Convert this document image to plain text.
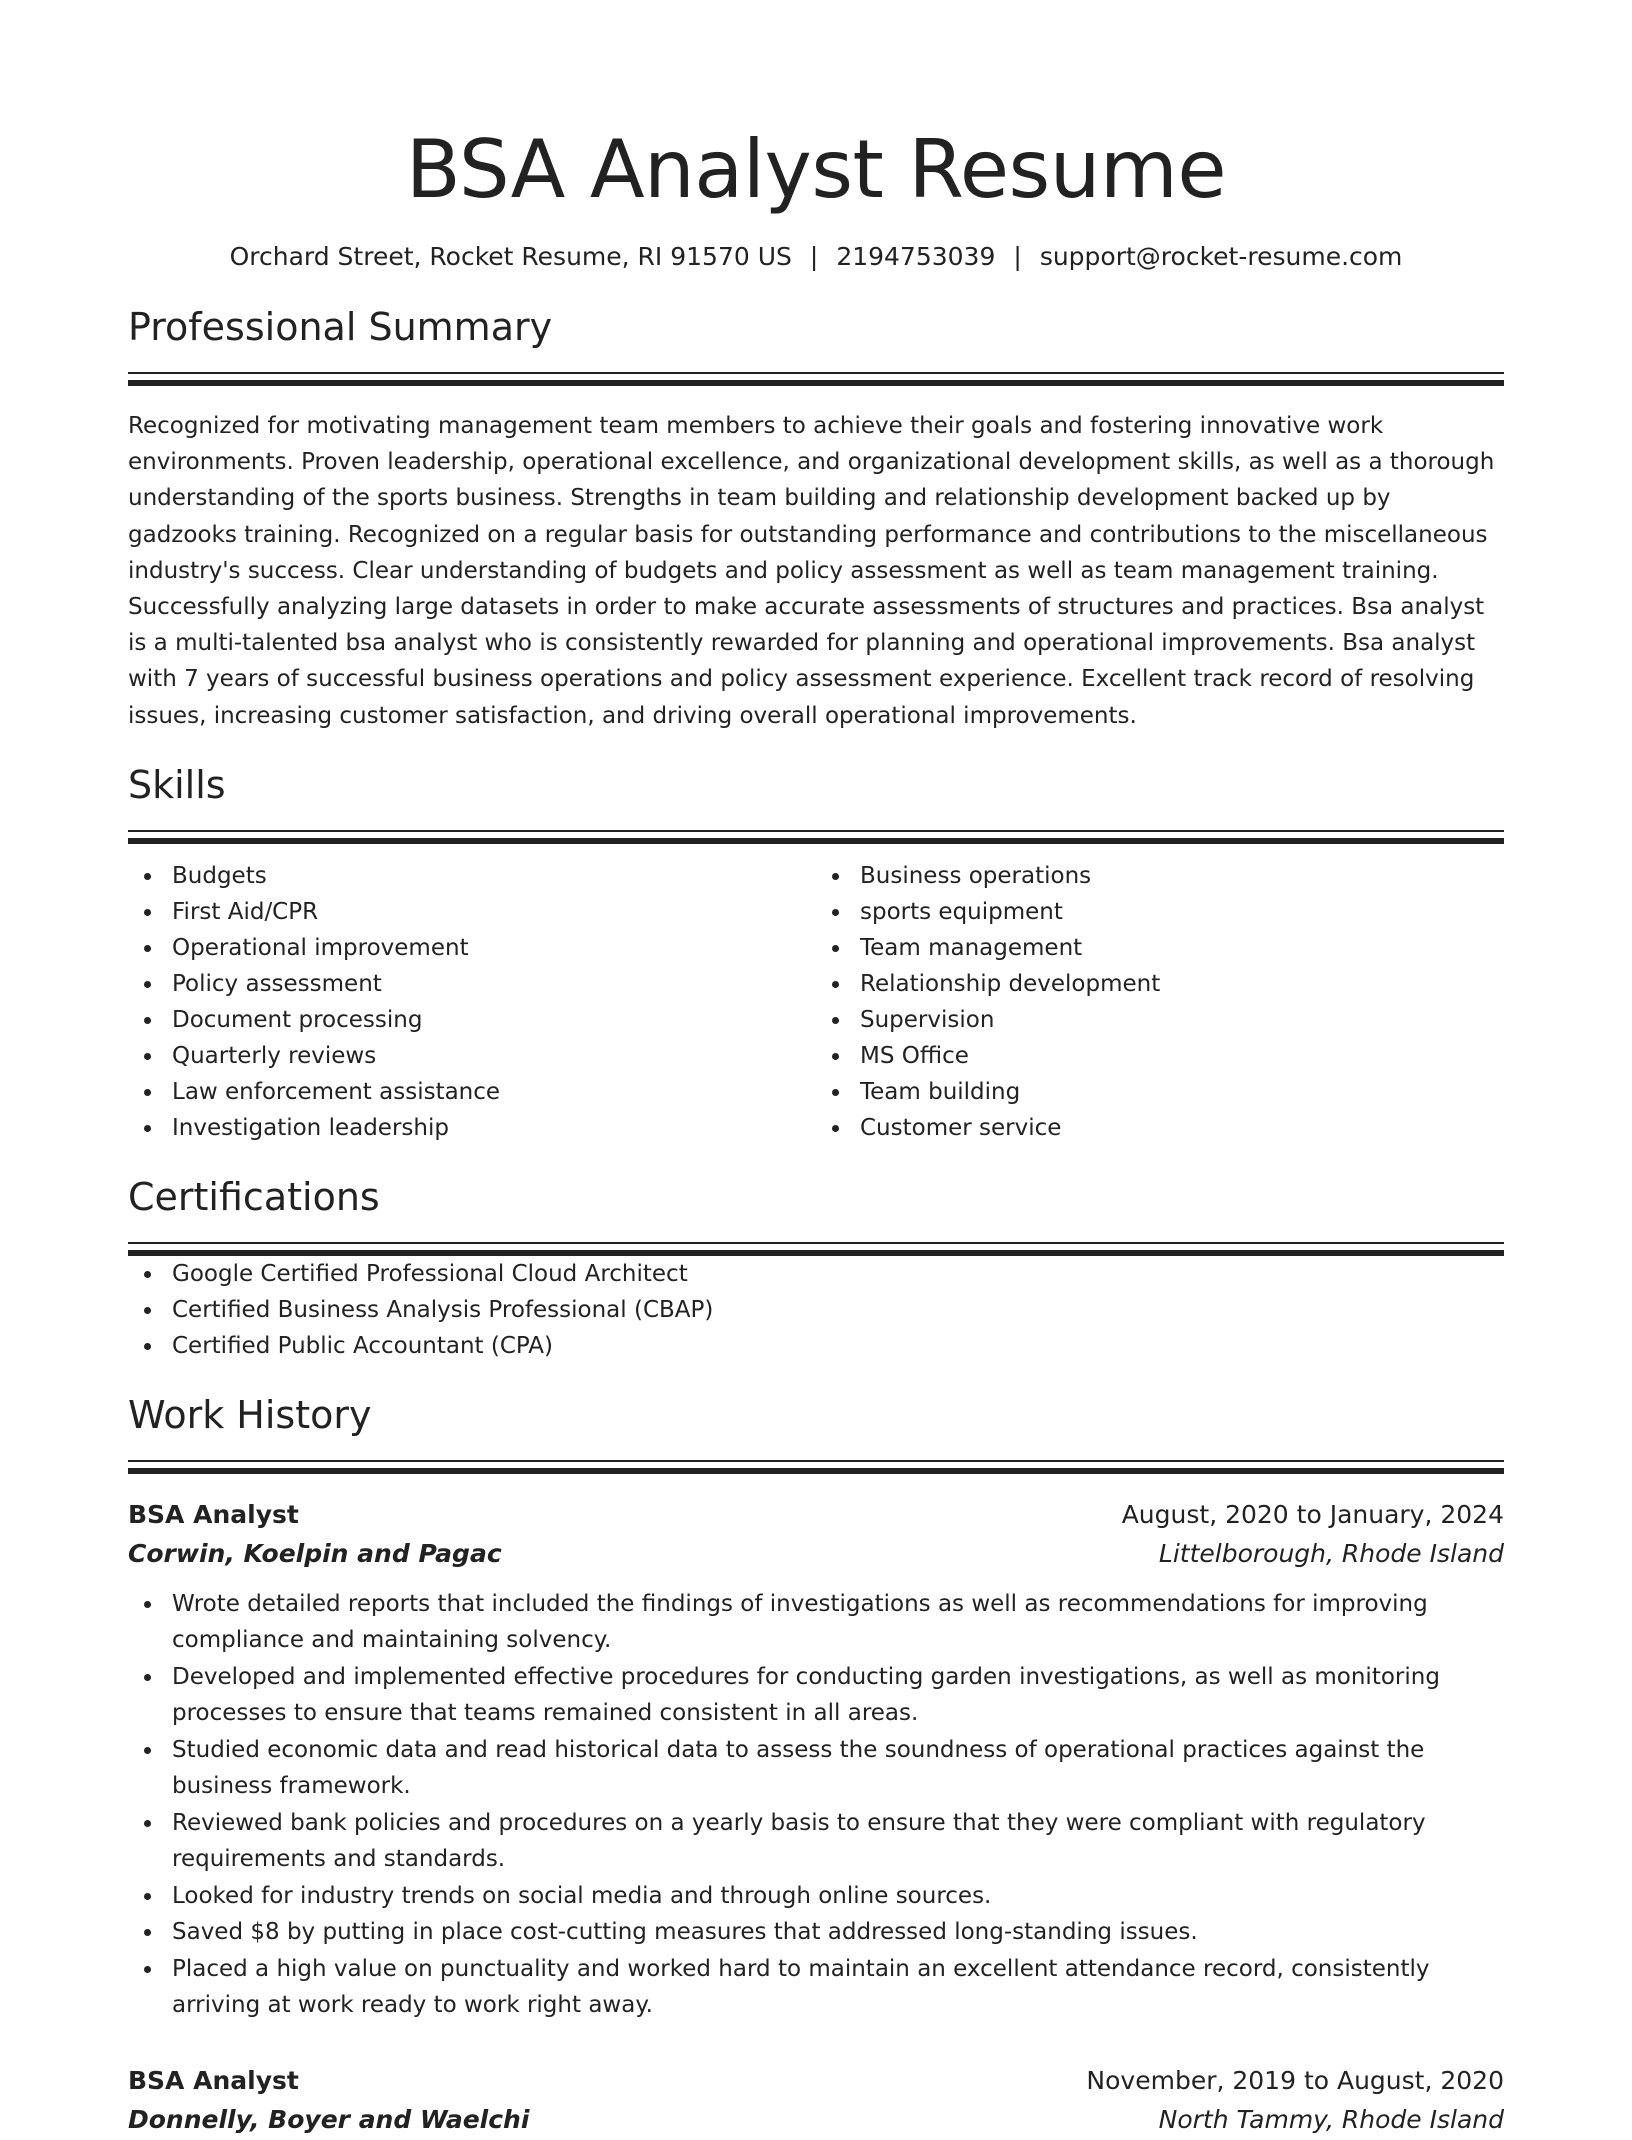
BSA Analyst Resume
Orchard Street, Rocket Resume, RI 91570 US | 2194753039 | support@rocket-resume.com
Professional Summary
Recognized for motivating management team members to achieve their goals and fostering innovative work environments. Proven leadership, operational excellence, and organizational development skills, as well as a thorough understanding of the sports business. Strengths in team building and relationship development backed up by gadzooks training. Recognized on a regular basis for outstanding performance and contributions to the miscellaneous industry's success. Clear understanding of budgets and policy assessment as well as team management training. Successfully analyzing large datasets in order to make accurate assessments of structures and practices. Bsa analyst is a multi-talented bsa analyst who is consistently rewarded for planning and operational improvements. Bsa analyst with 7 years of successful business operations and policy assessment experience. Excellent track record of resolving issues, increasing customer satisfaction, and driving overall operational improvements.
Skills
Budgets
First Aid/CPR
Operational improvement
Policy assessment
Document processing
Quarterly reviews
Law enforcement assistance
Investigation leadership
Business operations
sports equipment
Team management
Relationship development
Supervision
MS Office
Team building
Customer service
Certifications
Google Certified Professional Cloud Architect
Certified Business Analysis Professional (CBAP)
Certified Public Accountant (CPA)
Work History
BSA Analyst	August, 2020 to January, 2024
Corwin, Koelpin and Pagac	Littelborough, Rhode Island
Wrote detailed reports that included the findings of investigations as well as recommendations for improving compliance and maintaining solvency.
Developed and implemented effective procedures for conducting garden investigations, as well as monitoring processes to ensure that teams remained consistent in all areas.
Studied economic data and read historical data to assess the soundness of operational practices against the business framework.
Reviewed bank policies and procedures on a yearly basis to ensure that they were compliant with regulatory requirements and standards.
Looked for industry trends on social media and through online sources.
Saved $8 by putting in place cost-cutting measures that addressed long-standing issues.
Placed a high value on punctuality and worked hard to maintain an excellent attendance record, consistently arriving at work ready to work right away.
BSA Analyst	November, 2019 to August, 2020
Donnelly, Boyer and Waelchi	North Tammy, Rhode Island
